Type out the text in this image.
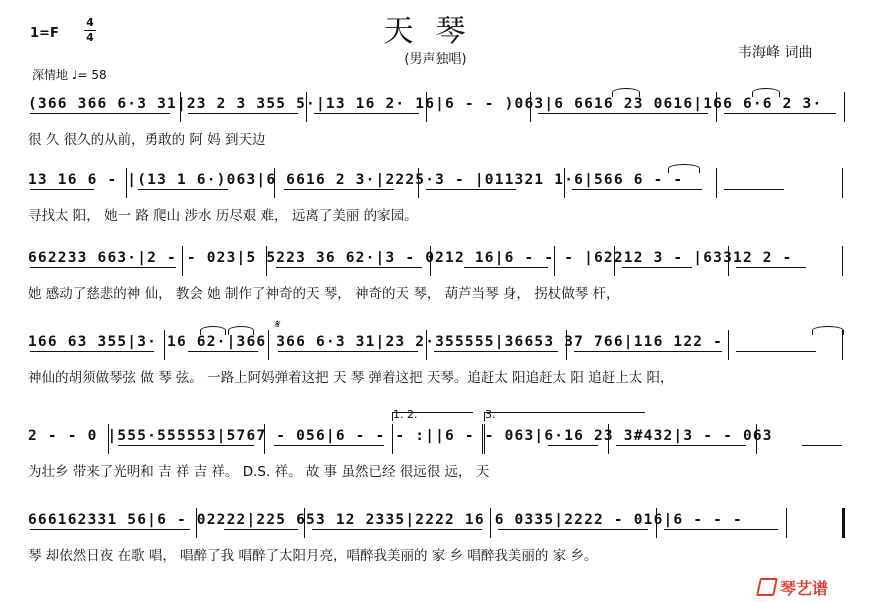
天琴
(男声独唱)
1=F
4
4
深情地 ♩= 58
韦海峰 词曲
𝄋
1. 2.	3.
(366 366 6·3 31|23 2 3 355 5·|13 16 2· 16|6 - - )063|6 6616 23 0616|166 6·6 2 3·
很 久 很久的从前，勇敢的 阿 妈 到天边
13 16 6 - |(13 1 6·)063|6 6616 2 3·|2225·3 - |011321 1·6|566 6 - -
寻找太 阳， 她一 路 爬山 涉水 历尽艰 难， 远离了美丽 的家园。
662233 663·|2 - - 023|5 5223 36 62·|3 - 0212 16|6 - - - |62212 3 - |63312 2 -
她 感动了慈悲的神 仙， 教会 她 制作了神奇的天 琴， 神奇的天 琴， 葫芦当琴 身， 拐杖做琴 杆，
166 63 355|3· 16 62·|366 366 6·3 31|23 2·355555|36653 37 766|116 122 -
神仙的胡须做琴弦 做 琴 弦。 一路上阿妈弹着这把 天 琴 弹着这把 天琴。追赶太 阳追赶太 阳 追赶上太 阳，
2 - - 0 |555·555553|5767 - 056|6 - - - :||6 - - 063|6·16 23 3#432|3 - - 063
为壮乡 带来了光明和 吉 祥 吉 祥。 D.S. 祥。 故 事 虽然已经 很远很 远， 天
666162331 56|6 - 02222|225 653 12 2335|2222 16 6 0335|2222 - 016|6 - - -
琴 却依然日夜 在歌 唱， 唱醉了我 唱醉了太阳月亮，唱醉我美丽的 家 乡 唱醉我美丽的 家 乡。
琴艺谱
